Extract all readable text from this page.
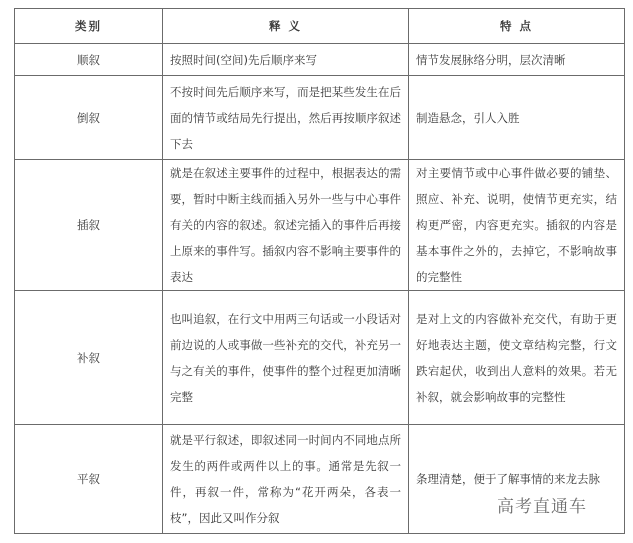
类别	释 义	特 点
顺叙	按照时间(空间)先后顺序来写	情节发展脉络分明，层次清晰
倒叙	不按时间先后顺序来写，而是把某些发生在后面的情节或结局先行提出，然后再按顺序叙述下去	制造悬念，引人入胜
插叙	就是在叙述主要事件的过程中，根据表达的需要，暂时中断主线而插入另外一些与中心事件有关的内容的叙述。叙述完插入的事件后再接上原来的事件写。插叙内容不影响主要事件的表达	对主要情节或中心事件做必要的铺垫、照应、补充、说明，使情节更充实，结构更严密，内容更充实。插叙的内容是基本事件之外的，去掉它，不影响故事的完整性
补叙	也叫追叙，在行文中用两三句话或一小段话对前边说的人或事做一些补充的交代，补充另一与之有关的事件，使事件的整个过程更加清晰完整	是对上文的内容做补充交代，有助于更好地表达主题，使文章结构完整，行文跌宕起伏，收到出人意料的效果。若无补叙，就会影响故事的完整性
平叙	就是平行叙述，即叙述同一时间内不同地点所发生的两件或两件以上的事。通常是先叙一件，再叙一件，常称为“花开两朵，各表一枝”，因此又叫作分叙	条理清楚，便于了解事情的来龙去脉
高考直通车
